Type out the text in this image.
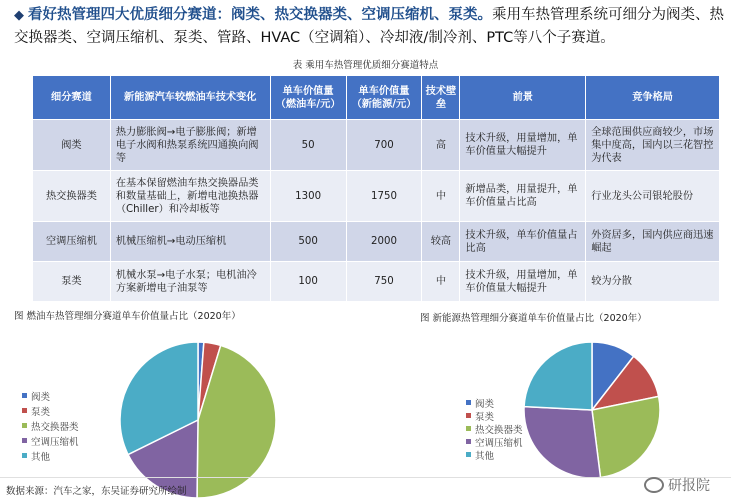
◆ 看好热管理四大优质细分赛道：阀类、热交换器类、空调压缩机、泵类。乘用车热管理系统可细分为阀类、热交换器类、空调压缩机、泵类、管路、HVAC（空调箱）、冷却液/制冷剂、PTC等八个子赛道。
表 乘用车热管理优质细分赛道特点
细分赛道	新能源汽车较燃油车技术变化	单车价值量（燃油车/元）	单车价值量（新能源/元）	技术壁垒	前景	竞争格局
阀类	热力膨胀阀→电子膨胀阀；新增电子水阀和热泵系统四通换向阀等	50	700	高	技术升级，用量增加，单车价值量大幅提升	全球范围供应商较少，市场集中度高，国内以三花智控为代表
热交换器类	在基本保留燃油车热交换器品类和数量基础上，新增电池换热器（Chiller）和冷却板等	1300	1750	中	新增品类，用量提升，单车价值量占比高	行业龙头公司银轮股份
空调压缩机	机械压缩机→电动压缩机	500	2000	较高	技术升级，单车价值量占比高	外资居多，国内供应商迅速崛起
泵类	机械水泵→电子水泵；电机油冷方案新增电子油泵等	100	750	中	技术升级，用量增加，单车价值量大幅提升	较为分散
图 燃油车热管理细分赛道单车价值量占比（2020年）	图 新能源热管理细分赛道单车价值量占比（2020年）
阀类
泵类
热交换器类
空调压缩机
其他
阀类
泵类
热交换器类
空调压缩机
其他
数据来源：汽车之家，东吴证券研究所绘制	研报院
